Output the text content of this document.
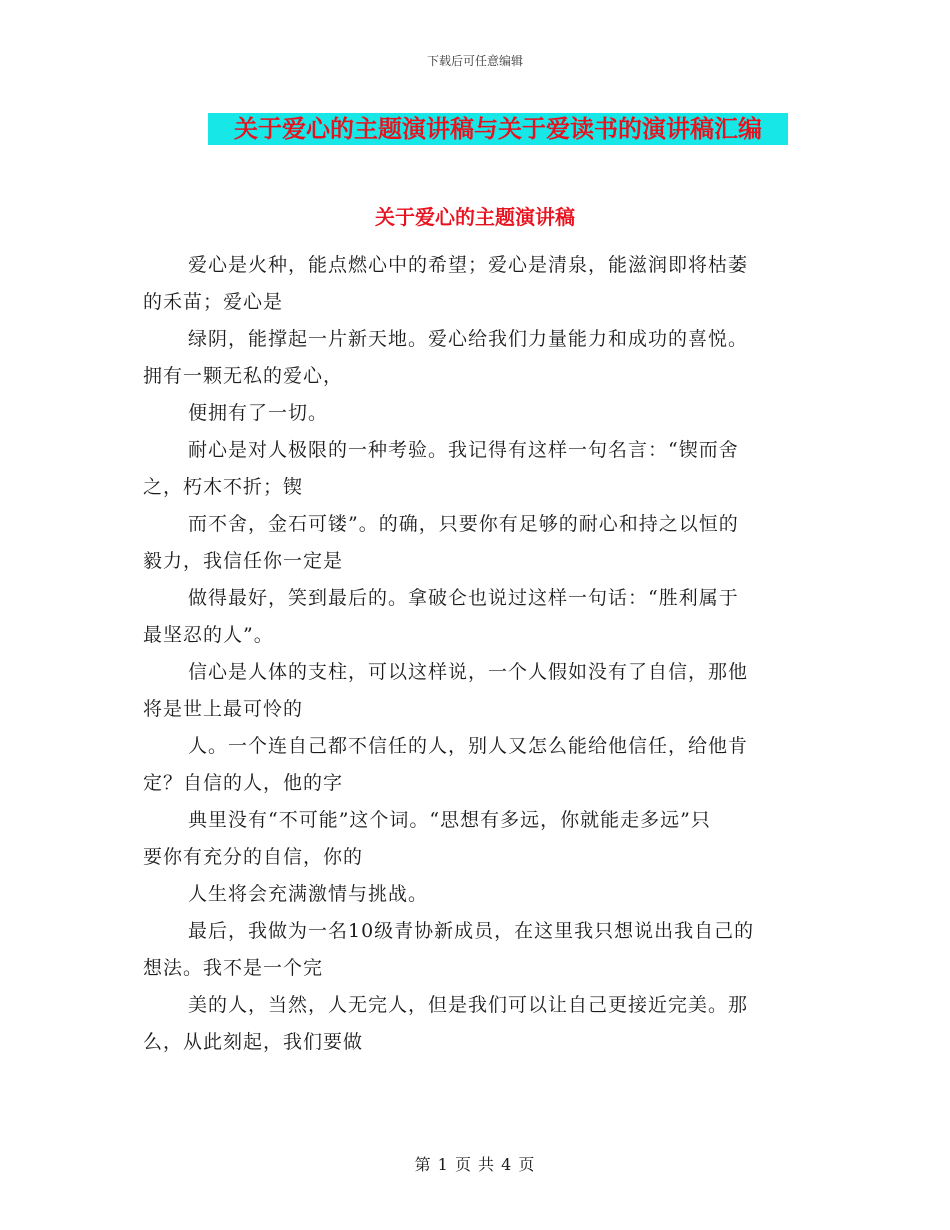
下载后可任意编辑
关于爱心的主题演讲稿与关于爱读书的演讲稿汇编
关于爱心的主题演讲稿

爱心是火种，能点燃心中的希望；爱心是清泉，能滋润即将枯萎
的禾苗；爱心是

绿阴，能撑起一片新天地。爱心给我们力量能力和成功的喜悦。
拥有一颗无私的爱心，

便拥有了一切。

耐心是对人极限的一种考验。我记得有这样一句名言：“锲而舍
之，朽木不折；锲

而不舍，金石可镂”。的确，只要你有足够的耐心和持之以恒的
毅力，我信任你一定是

做得最好，笑到最后的。拿破仑也说过这样一句话：“胜利属于
最坚忍的人”。

信心是人体的支柱，可以这样说，一个人假如没有了自信，那他
将是世上最可怜的

人。一个连自己都不信任的人，别人又怎么能给他信任，给他肯
定？自信的人，他的字

典里没有“不可能”这个词。“思想有多远，你就能走多远”只
要你有充分的自信，你的

人生将会充满激情与挑战。

最后，我做为一名10级青协新成员，在这里我只想说出我自己的
想法。我不是一个完

美的人，当然，人无完人，但是我们可以让自己更接近完美。那
么，从此刻起，我们要做

第 1 页 共 4 页
